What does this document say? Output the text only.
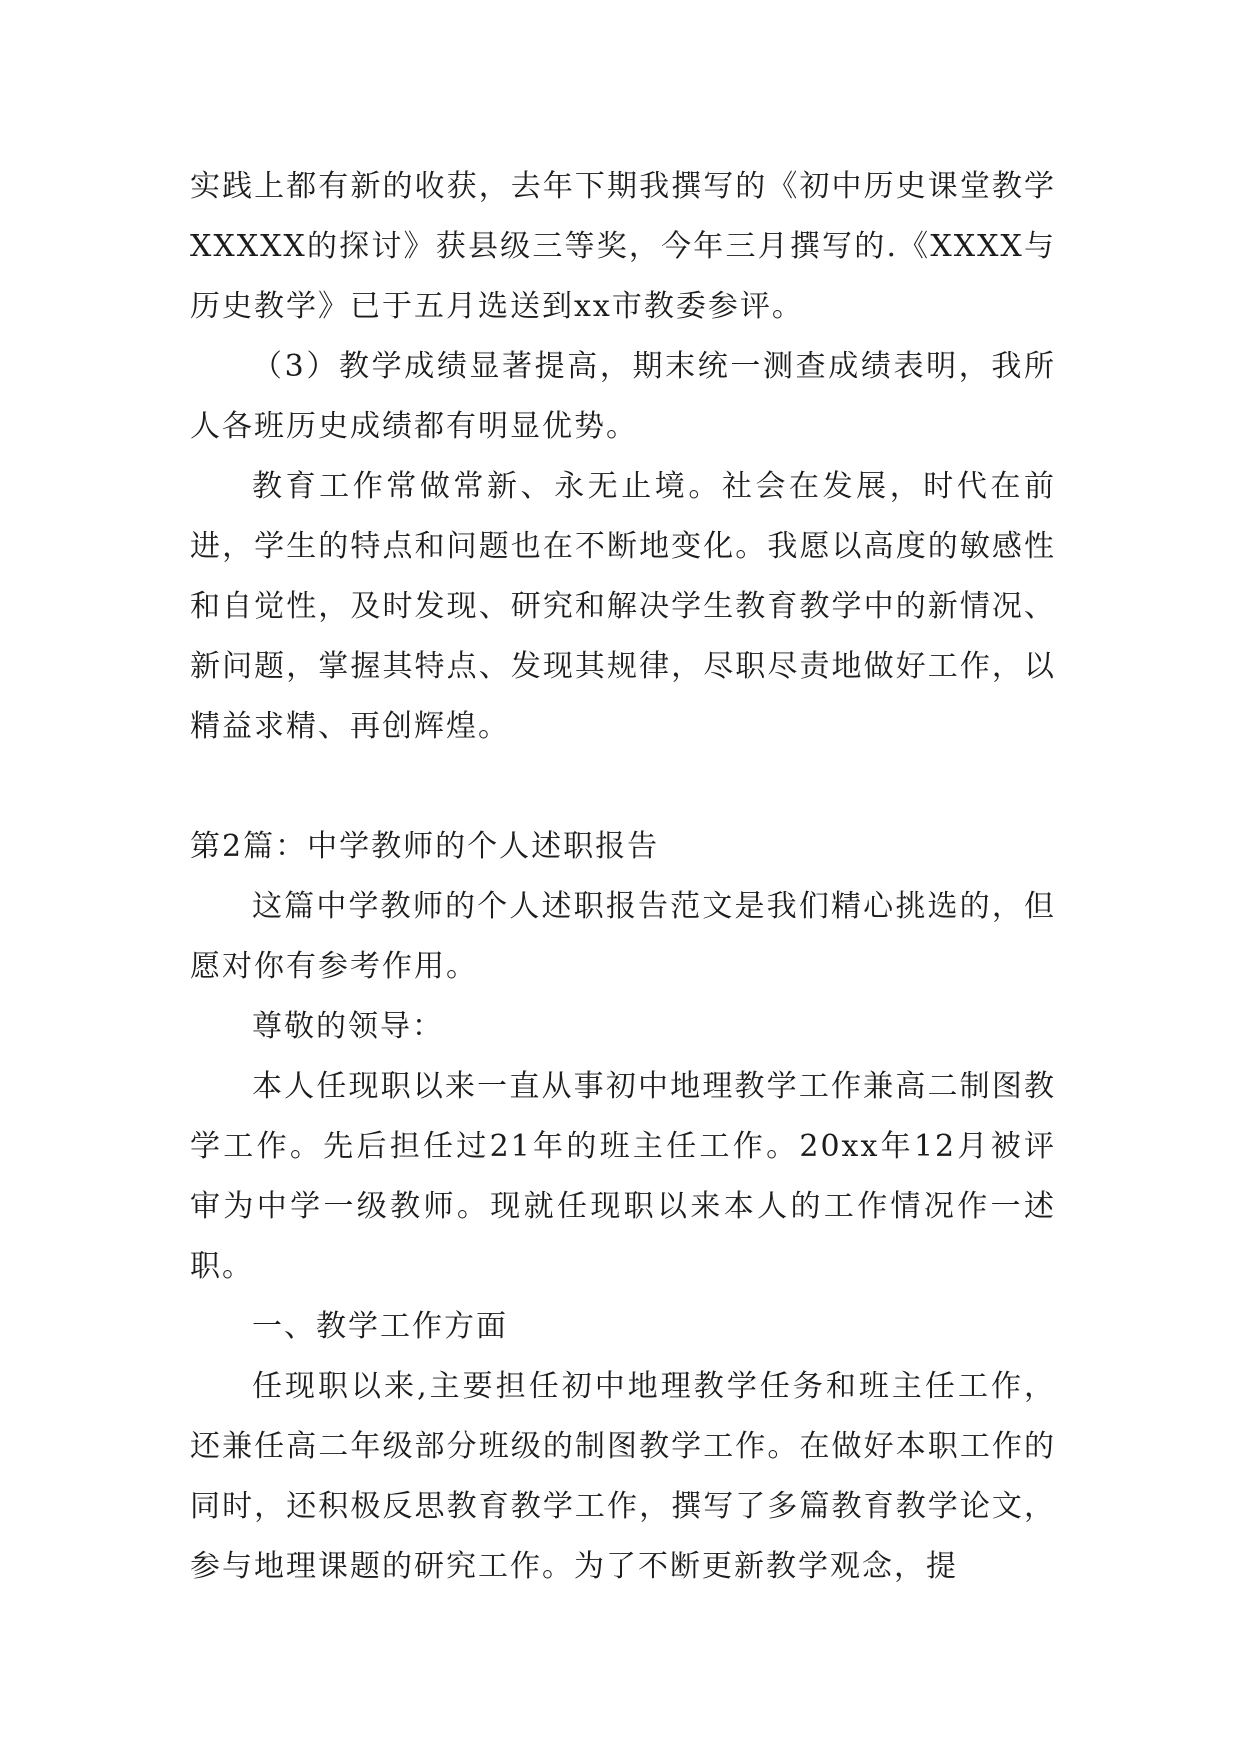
实践上都有新的收获，去年下期我撰写的《初中历史课堂教学XXXXX的探讨》获县级三等奖，今年三月撰写的.《XXXX与历史教学》已于五月选送到xx市教委参评。

（3）教学成绩显著提高，期末统一测查成绩表明，我所人各班历史成绩都有明显优势。

教育工作常做常新、永无止境。社会在发展，时代在前进，学生的特点和问题也在不断地变化。我愿以高度的敏感性和自觉性，及时发现、研究和解决学生教育教学中的新情况、新问题，掌握其特点、发现其规律，尽职尽责地做好工作，以精益求精、再创辉煌。

第2篇：中学教师的个人述职报告

这篇中学教师的个人述职报告范文是我们精心挑选的，但愿对你有参考作用。

尊敬的领导：

本人任现职以来一直从事初中地理教学工作兼高二制图教学工作。先后担任过21年的班主任工作。20xx年12月被评审为中学一级教师。现就任现职以来本人的工作情况作一述职。

一、教学工作方面

任现职以来,主要担任初中地理教学任务和班主任工作，还兼任高二年级部分班级的制图教学工作。在做好本职工作的同时，还积极反思教育教学工作，撰写了多篇教育教学论文，参与地理课题的研究工作。为了不断更新教学观念，提
